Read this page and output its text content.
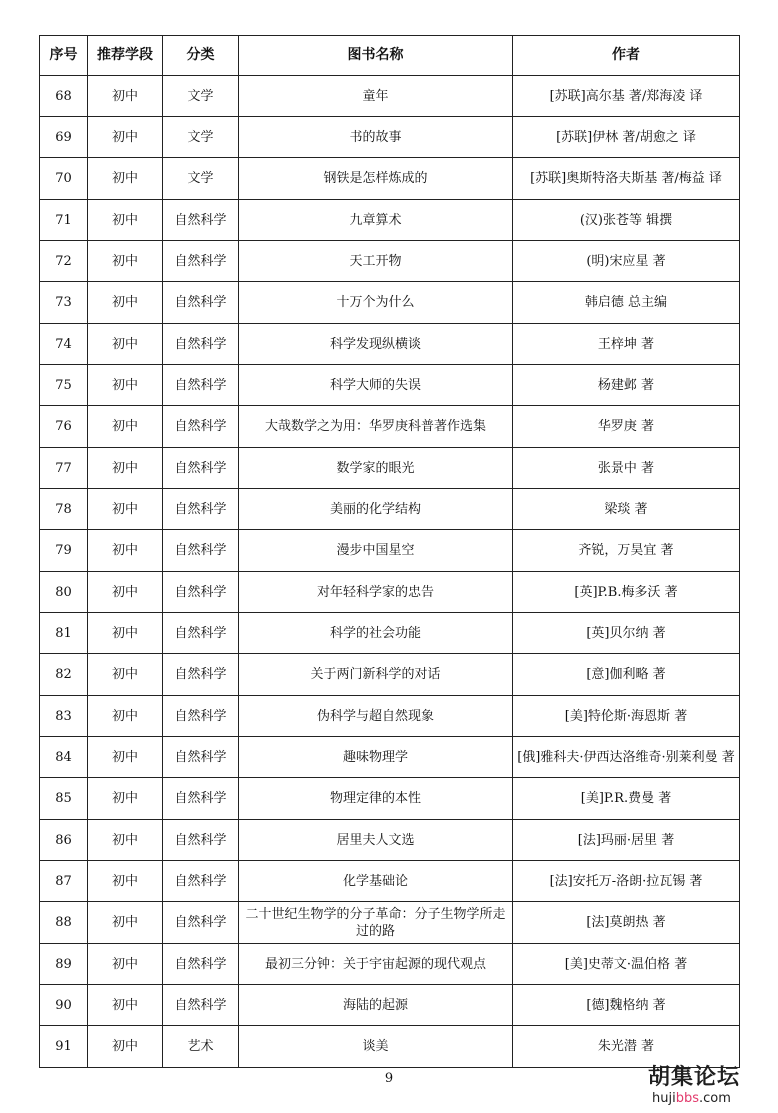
序号	推荐学段	分类	图书名称	作者
68	初中	文学	童年	[苏联]高尔基 著/郑海凌 译
69	初中	文学	书的故事	[苏联]伊林 著/胡愈之 译
70	初中	文学	钢铁是怎样炼成的	[苏联]奥斯特洛夫斯基 著/梅益 译
71	初中	自然科学	九章算术	(汉)张苍等 辑撰
72	初中	自然科学	天工开物	(明)宋应星 著
73	初中	自然科学	十万个为什么	韩启德 总主编
74	初中	自然科学	科学发现纵横谈	王梓坤 著
75	初中	自然科学	科学大师的失误	杨建邺 著
76	初中	自然科学	大哉数学之为用：华罗庚科普著作选集	华罗庚 著
77	初中	自然科学	数学家的眼光	张景中 著
78	初中	自然科学	美丽的化学结构	梁琰 著
79	初中	自然科学	漫步中国星空	齐锐，万昊宜 著
80	初中	自然科学	对年轻科学家的忠告	[英]P.B.梅多沃 著
81	初中	自然科学	科学的社会功能	[英]贝尔纳 著
82	初中	自然科学	关于两门新科学的对话	[意]伽利略 著
83	初中	自然科学	伪科学与超自然现象	[美]特伦斯·海恩斯 著
84	初中	自然科学	趣味物理学	[俄]雅科夫·伊西达洛维奇·别莱利曼 著
85	初中	自然科学	物理定律的本性	[美]P.R.费曼 著
86	初中	自然科学	居里夫人文选	[法]玛丽·居里 著
87	初中	自然科学	化学基础论	[法]安托万-洛朗·拉瓦锡 著
88	初中	自然科学	二十世纪生物学的分子革命：分子生物学所走过的路	[法]莫朗热 著
89	初中	自然科学	最初三分钟：关于宇宙起源的现代观点	[美]史蒂文·温伯格 著
90	初中	自然科学	海陆的起源	[德]魏格纳 著
91	初中	艺术	谈美	朱光潜 著
9	胡集论坛
hujibbs.com
